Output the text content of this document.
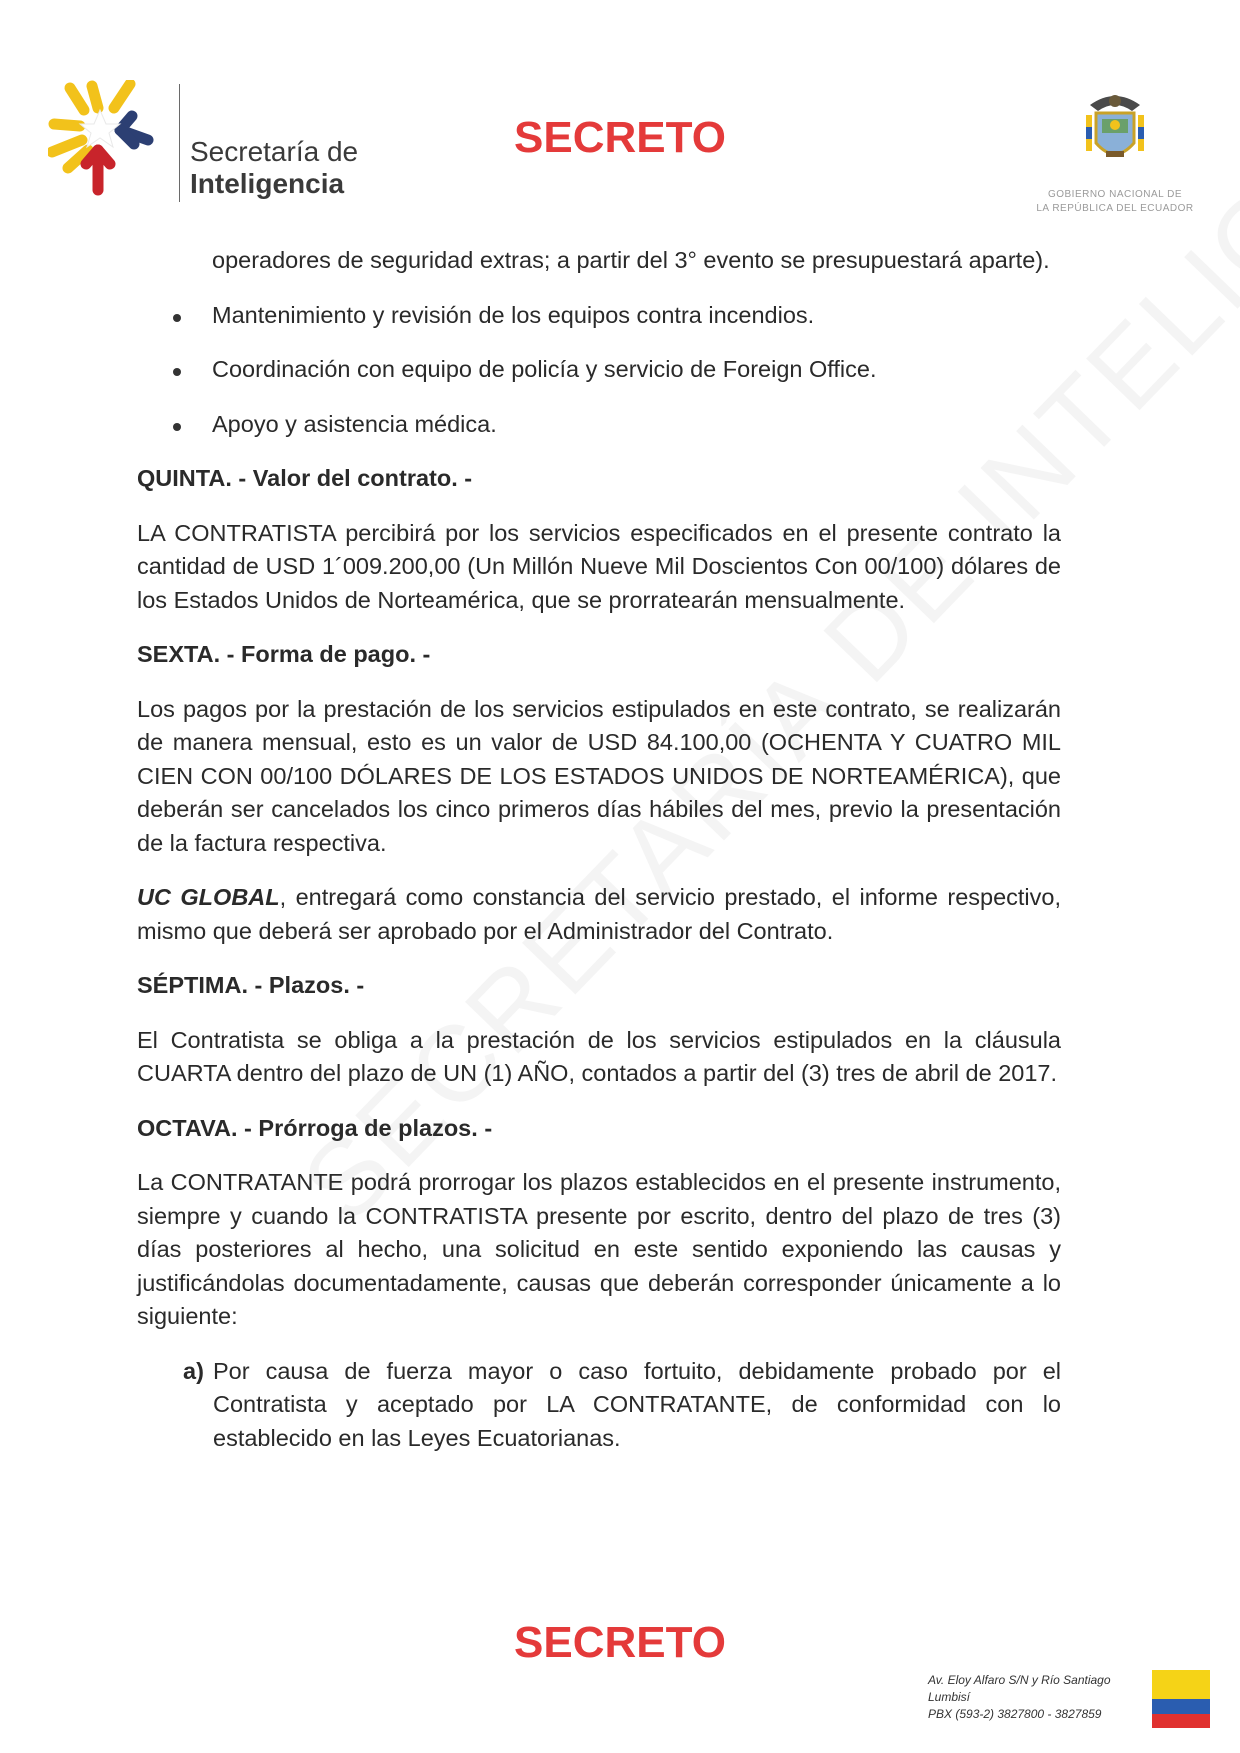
Secretaría de
Inteligencia
SECRETO
GOBIERNO NACIONAL DE
LA REPÚBLICA DEL ECUADOR

operadores de seguridad extras; a partir del 3° evento se presupuestará aparte).

Mantenimiento y revisión de los equipos contra incendios.
Coordinación con equipo de policía y servicio de Foreign Office.
Apoyo y asistencia médica.
QUINTA. - Valor del contrato. -

LA CONTRATISTA percibirá por los servicios especificados en el presente contrato la cantidad de USD 1´009.200,00 (Un Millón Nueve Mil Doscientos Con 00/100) dólares de los Estados Unidos de Norteamérica, que se prorratearán mensualmente.

SEXTA. - Forma de pago. -

Los pagos por la prestación de los servicios estipulados en este contrato, se realizarán de manera mensual, esto es un valor de USD 84.100,00 (OCHENTA Y CUATRO MIL CIEN CON 00/100 DÓLARES DE LOS ESTADOS UNIDOS DE NORTEAMÉRICA), que deberán ser cancelados los cinco primeros días hábiles del mes, previo la presentación de la factura respectiva.

UC GLOBAL, entregará como constancia del servicio prestado, el informe respectivo, mismo que deberá ser aprobado por el Administrador del Contrato.

SÉPTIMA. - Plazos. -

El Contratista se obliga a la prestación de los servicios estipulados en la cláusula CUARTA dentro del plazo de UN (1) AÑO, contados a partir del (3) tres de abril de 2017.

OCTAVA. - Prórroga de plazos. -

La CONTRATANTE podrá prorrogar los plazos establecidos en el presente instrumento, siempre y cuando la CONTRATISTA presente por escrito, dentro del plazo de tres (3) días posteriores al hecho, una solicitud en este sentido exponiendo las causas y justificándolas documentadamente, causas que deberán corresponder únicamente a lo siguiente:

a) Por causa de fuerza mayor o caso fortuito, debidamente probado por el Contratista y aceptado por LA CONTRATANTE, de conformidad con lo establecido en las Leyes Ecuatorianas.
SECRETO
Av. Eloy Alfaro S/N y Río Santiago
Lumbisí
PBX (593-2) 3827800 - 3827859
